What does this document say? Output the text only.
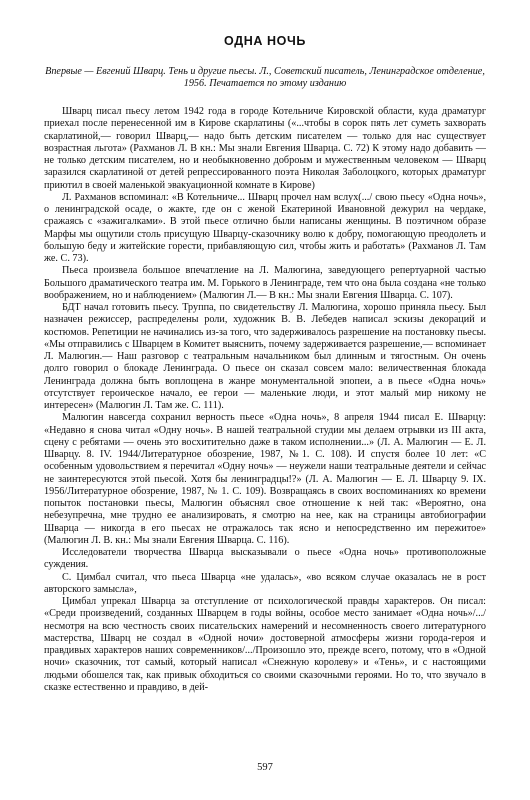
ОДНА НОЧЬ
Впервые — Евгений Шварц. Тень и другие пьесы. Л., Советский писатель, Ленинградское отделение, 1956. Печатается по этому изданию

Шварц писал пьесу летом 1942 года в городе Котельниче Кировской области, куда драматург приехал после перенесенной им в Кирове скарлатины («...чтобы в сорок пять лет суметь захворать скарлатиной,— говорил Шварц,— надо быть детским писателем — только для нас существует возрастная льгота» (Рахманов Л. В кн.: Мы знали Евгения Шварца. С. 72) К этому надо добавить — не только детским писателем, но и необыкновенно доброым и мужественным человеком — Шварц заразился скарлатиной от детей репрессированного поэта Николая Заболоцкого, которых драматург приютил в своей маленькой эвакуационной комнате в Кирове)

Л. Рахманов вспоминал: «В Котельниче... Шварц прочел нам вслух(.../ свою пьесу «Одна ночь», о ленинградской осаде, о жакте, где он с женой Екатериной Ивановной дежурил на чердаке, сражаясь с «зажигалками». В этой пьесе отлично были написаны женщины. В поэтичном образе Марфы мы ощутили столь присущую Шварцу-сказочнику волю к добру, помогающую преодолеть и большую беду и житейские горести, прибавляющую сил, чтобы жить и работать» (Рахманов Л. Там же. С. 73).

Пьеса произвела большое впечатление на Л. Малюгина, заведующего репертуарной частью Большого драматического театра им. М. Горького в Ленинграде, тем что она была создана «не только воображением, но и наблюдением» (Малюгин Л.— В кн.: Мы знали Евгения Шварца. С. 107).

БДТ начал готовить пьесу. Труппа, по свидетельству Л. Малюгина, хорошо приняла пьесу. Был назначен режиссер, распределены роли, художник В. В. Лебедев написал эскизы декораций и костюмов. Репетиции не начинались из-за того, что задерживалось разрешение на постановку пьесы. «Мы отправились с Шварцем в Комитет выяснить, почему задерживается разрешение,— вспоминает Л. Малюгин.— Наш разговор с театральным начальником был длинным и тягостным. Он очень долго говорил о блокаде Ленинграда. О пьесе он сказал совсем мало: величественная блокада Ленинграда должна быть воплощена в жанре монументальной эпопеи, а в пьесе «Одна ночь» отсутствует героическое начало, ее герои — маленькие люди, и этот малый мир никому не интересен» (Малюгин Л. Там же. С. 111).

Малюгин навсегда сохранил верность пьесе «Одна ночь», 8 апреля 1944 писал Е. Шварцу: «Недавно я снова читал «Одну ночь». В нашей театральной студии мы делаем отрывки из III акта, сцену с ребятами — очень это восхитительно даже в таком исполнении...» (Л. А. Малюгин — Е. Л. Шварцу. 8. IV. 1944/Литературное обозрение, 1987, №1. С. 108). И спустя более 10 лет: «С особенным удовольствием я перечитал «Одну ночь» — неужели наши театральные деятели и сейчас не заинтересуются этой пьесой. Хотя бы ленинградцы!?» (Л. А. Малюгин — Е. Л. Шварцу 9. IX. 1956/Литературное обозрение, 1987, № 1. С. 109). Возвращаясь в своих воспоминаниях ко времени попыток постановки пьесы, Малюгин объяснял свое отношение к ней так: «Вероятно, она небезупречна, мне трудно ее анализировать, я смотрю на нее, как на страницы автобиографии Шварца — никогда в его пьесах не отражалось так ясно и непосредственно им пережитое» (Малюгин Л. В. кн.: Мы знали Евгения Шварца. С. 116).

Исследователи творчества Шварца высказывали о пьесе «Одна ночь» противоположные суждения.

С. Цимбал считал, что пьеса Шварца «не удалась», «во всяком случае оказалась не в рост авторского замысла»,

Цимбал упрекал Шварца за отступление от психологической правды характеров. Он писал: «Среди произведений, созданных Шварцем в годы войны, особое место занимает «Одна ночь»/.../несмотря на всю честность своих писательских намерений и несомненность своего литературного мастерства, Шварц не создал в «Одной ночи» достоверной атмосферы жизни города-героя и правдивых характеров наших современников/.../Произошло это, прежде всего, потому, что в «Одной ночи» сказочник, тот самый, который написал «Снежную королеву» и «Тень», и с настоящими людьми обошелся так, как привык обходиться со своими сказочными героями. Но то, что звучало в сказке естественно и правдиво, в дей-

597
